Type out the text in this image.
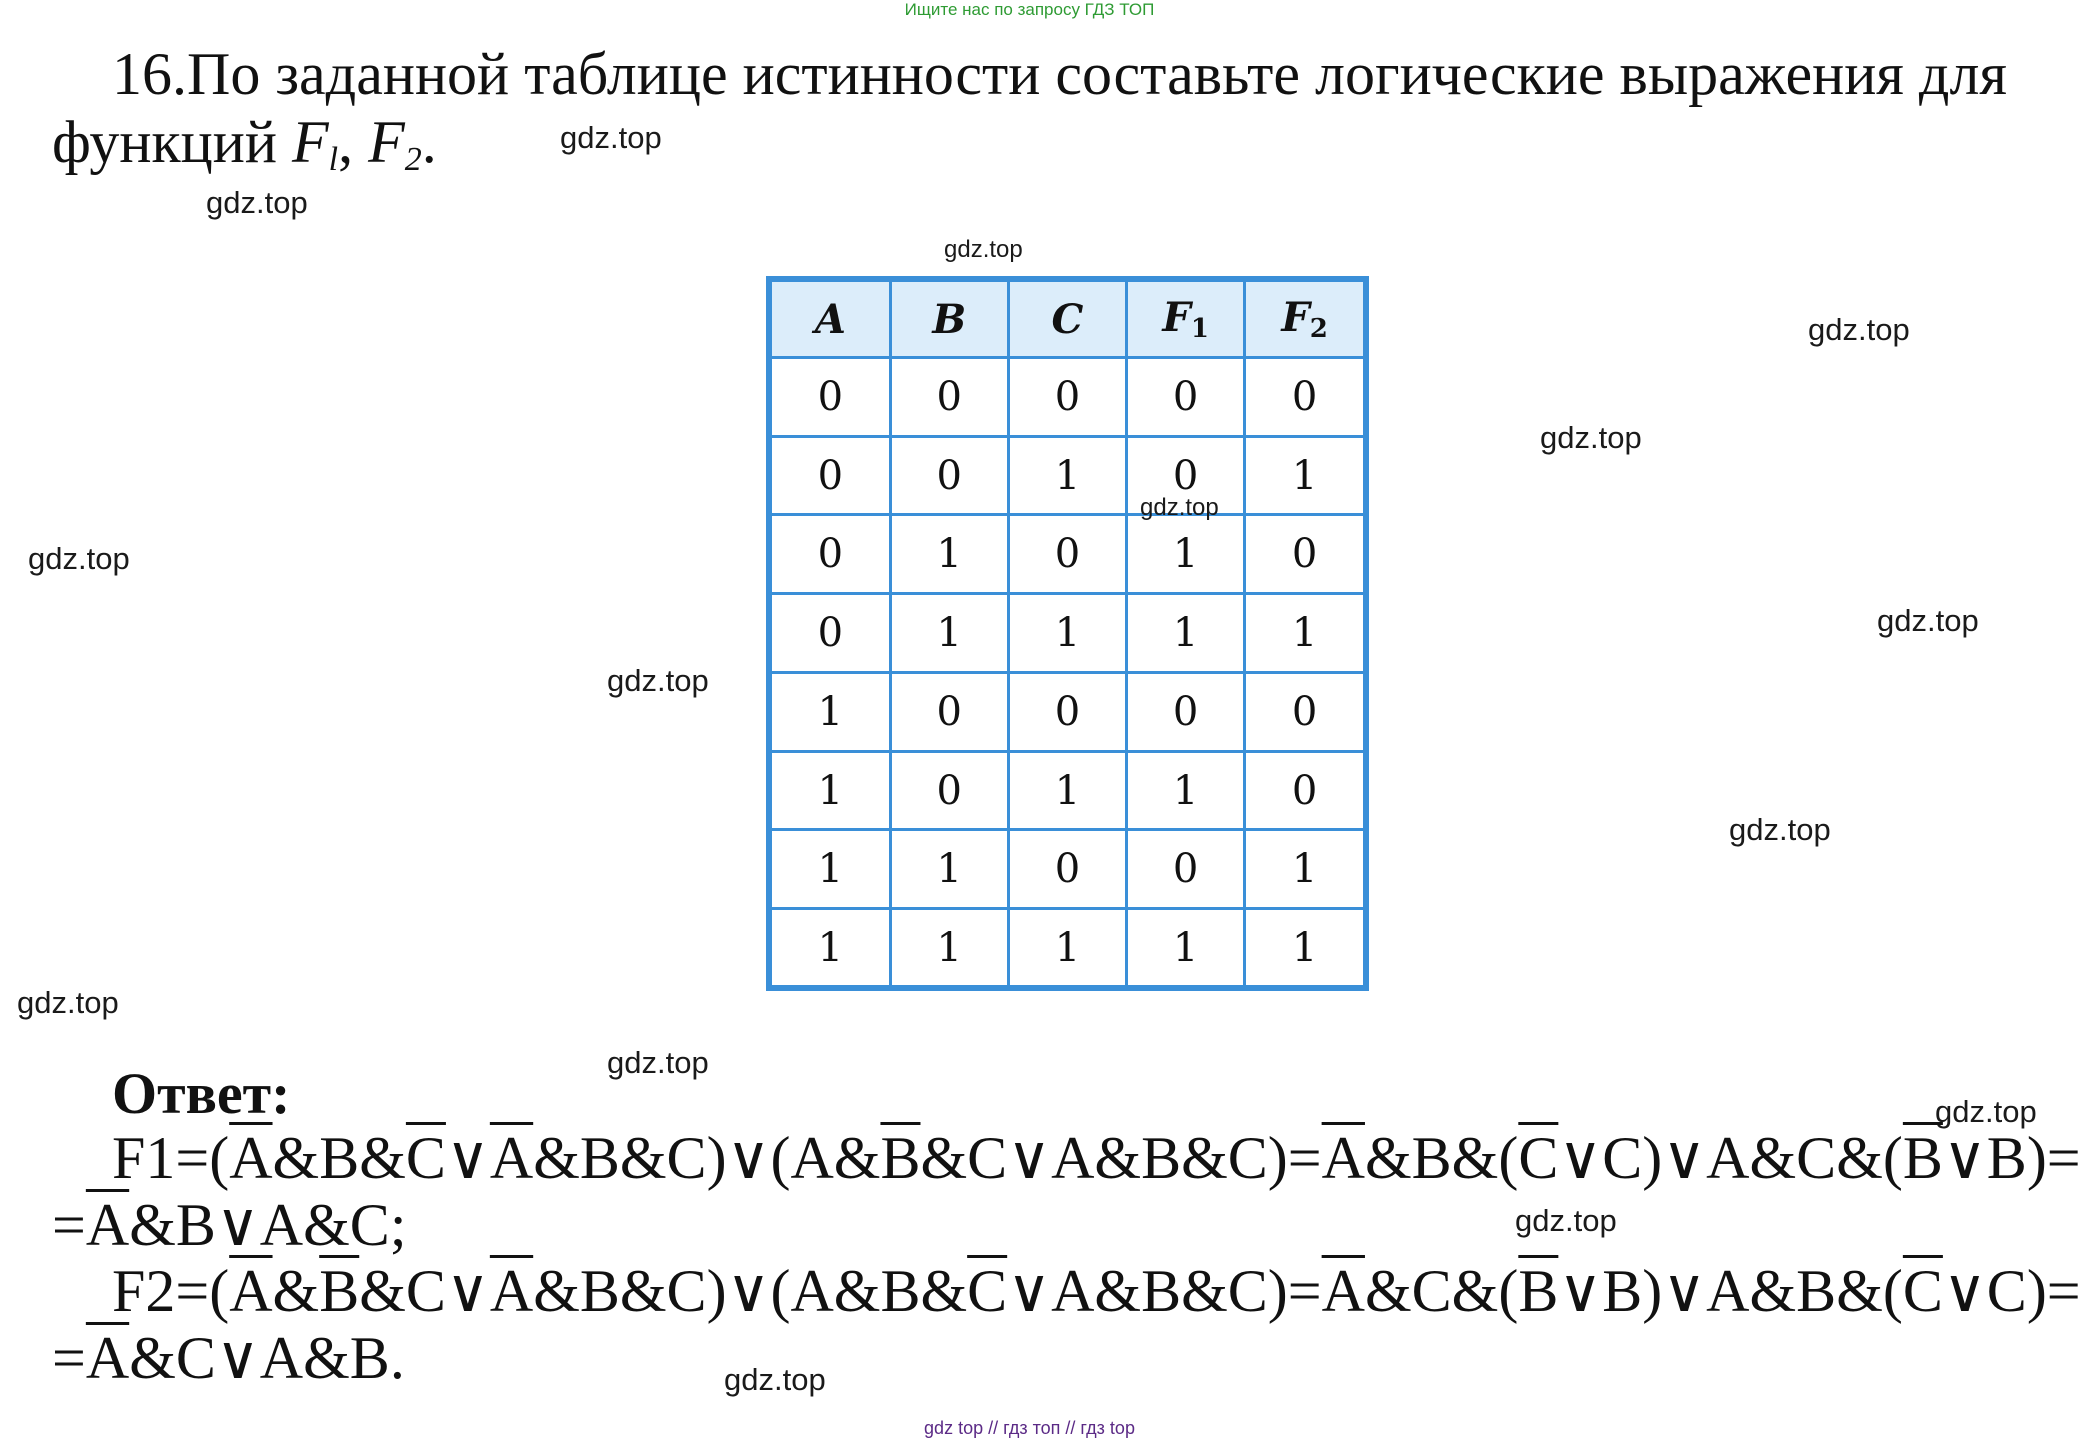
Ищите нас по запросу ГДЗ ТОП
16.По заданной таблице истинности составьте логические выражения для функций $F_l$, $F_2$.	gdz.top
gdz.top
gdz.top
gdz.top
gdz.top
gdz.top
gdz.top
gdz.top
gdz.top
gdz.top
gdz.top
gdz.top
gdz.top
gdz.top
A	B	C	$F_1$	$F_2$
0	0	0	0	0
0	0	1	0	1
0	1	0	1	0
0	1	1	1	1
1	0	0	0	0
1	0	1	1	0
1	1	0	0	1
1	1	1	1	1
gdz.top
Ответ:
$F1=(\overline{A}\&B\&\overline{C}\vee\overline{A}\&B\&C)\vee(A\&\overline{B}\&C\vee A\&B\&C)=\overline{A}\&B\&(\overline{C}\vee C)\vee A\&C\&(\overline{B}\vee B)=$
$=\overline{A}\&B\vee A\&C$;
$F2=(\overline{A}\&\overline{B}\&C\vee\overline{A}\&B\&C)\vee(A\&B\&\overline{C}\vee A\&B\&C)=\overline{A}\&C\&(\overline{B}\vee B)\vee A\&B\&(\overline{C}\vee C)=$
$=\overline{A}\&C\vee A\&B$.
gdz top // гдз топ // гдз top
